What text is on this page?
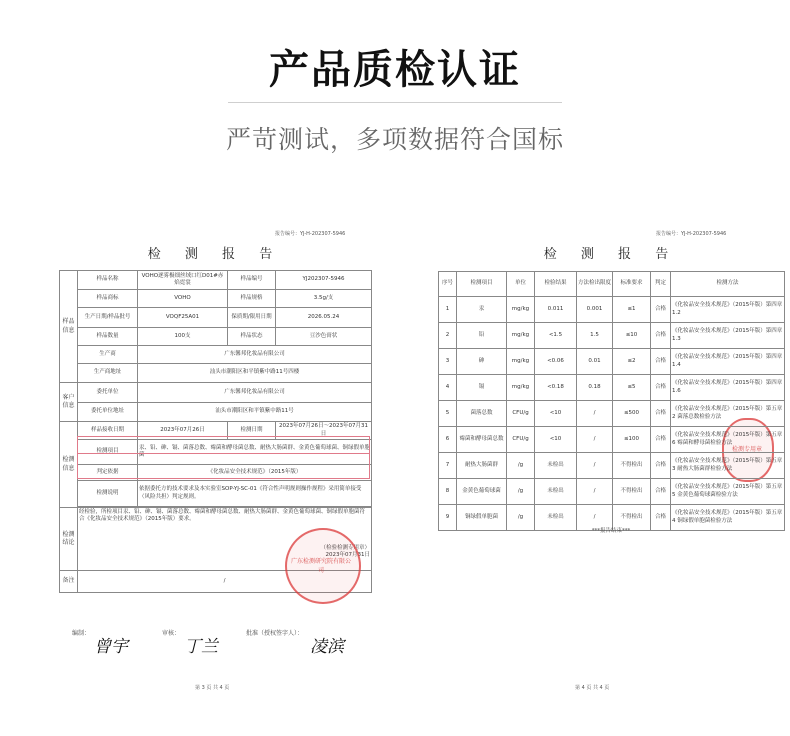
产品质检认证
严苛测试，多项数据符合国标
报告编号：YJ-H-202307-5946
检 测 报 告
样品信息	样品名称	VOHO逐雾极细丝绒口红D01#赤焰霓裳	样品编号	YJ202307-5946
	样品商标	VOHO	样品规格	3.5g/支
	生产日期/样品批号	VOQF25A01	保质期/限用日期	2026.05.24
	样品数量	100支	样品状态	豆沙色膏状
	生产商	广东馨邦化妆品有限公司		
	生产商地址	汕头市潮阳区和平镇紫中路11号四楼		
客户信息	委托单位	广东馨邦化妆品有限公司		
	委托单位地址	汕头市潮阳区和平镇紫中路11号		
检测信息	样品接收日期	2023年07月26日	检测日期	2023年07月26日～2023年07月31日
	检测项目	汞、铅、砷、镉、菌落总数、霉菌和酵母菌总数、耐热大肠菌群、金黄色葡萄球菌、铜绿假单胞菌		
	判定依据	《化妆品安全技术规范》（2015年版）		
	检测说明	依据委托方的技术要求及本实验室SOP-YJ-SC-01《符合性声明规则操作规程》采用简单接受（风险共担）判定规则。		

检测结论	经检验，所检项目汞、铅、砷、镉、菌落总数、霉菌和酵母菌总数、耐热大肠菌群、金黄色葡萄球菌、铜绿假单胞菌符合《化妆品安全技术规范》（2015年版）要求。
（检验检测专用章）
2023年07月31日			

备注	/			
广东检测研究院有限公司
检测专用章
编制：
曾宇
审核：
丁兰
批准（授权签字人）：
凌滨
第 3 页 共 4 页
报告编号：YJ-H-202307-5946
检 测 报 告
序号	检测项目	单位	检验结果	方法检出限度	标准要求	判定	检测方法
1	汞	mg/kg	0.011	0.001	≤1	合格	《化妆品安全技术规范》（2015年版）第四章 1.2
2	铅	mg/kg	<1.5	1.5	≤10	合格	《化妆品安全技术规范》（2015年版）第四章 1.3
3	砷	mg/kg	<0.06	0.01	≤2	合格	《化妆品安全技术规范》（2015年版）第四章 1.4
4	镉	mg/kg	<0.18	0.18	≤5	合格	《化妆品安全技术规范》（2015年版）第四章 1.6
5	菌落总数	CFU/g	<10	/	≤500	合格	《化妆品安全技术规范》（2015年版）第五章 2 菌落总数检验方法
6	霉菌和酵母菌总数	CFU/g	<10	/	≤100	合格	《化妆品安全技术规范》（2015年版）第五章 6 霉菌和酵母菌检验方法
7	耐热大肠菌群	/g	未检出	/	不得检出	合格	《化妆品安全技术规范》（2015年版）第五章 3 耐热大肠菌群检验方法
8	金黄色葡萄球菌	/g	未检出	/	不得检出	合格	《化妆品安全技术规范》（2015年版）第五章 5 金黄色葡萄球菌检验方法
9	铜绿假单胞菌	/g	未检出	/	不得检出	合格	《化妆品安全技术规范》（2015年版）第五章 4 铜绿假单胞菌检验方法
***报告结束***
第 4 页 共 4 页
